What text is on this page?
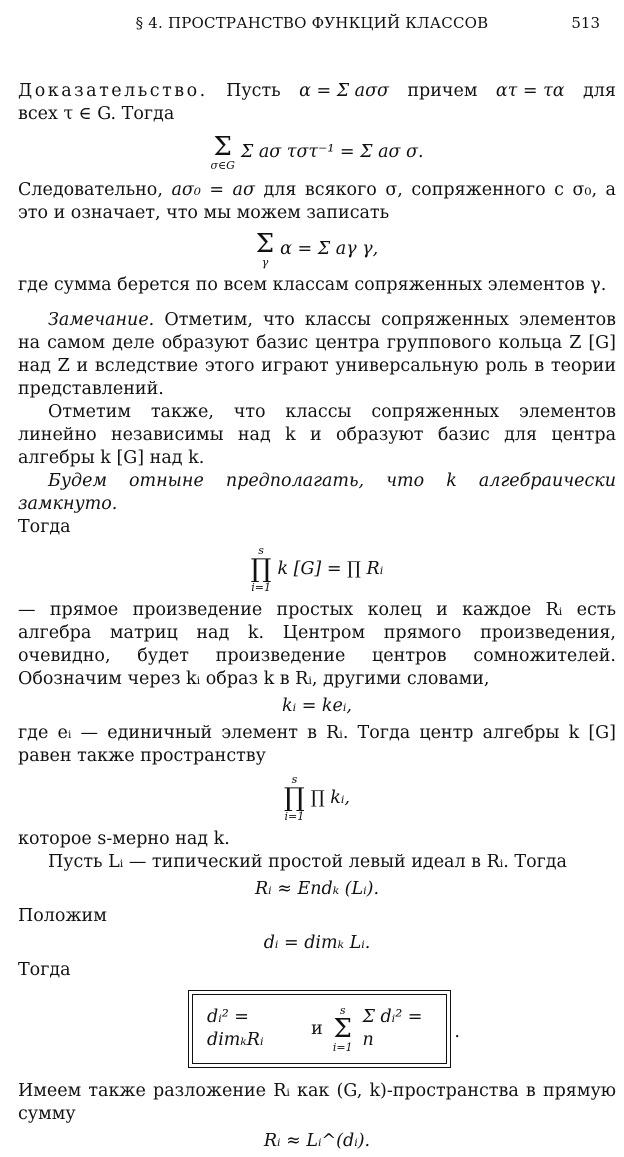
§ 4. ПРОСТРАНСТВО ФУНКЦИЙ КЛАССОВ	513

Доказательство. Пусть α = Σ aσσ причем ατ = τα для

всех τ ∈ G. Тогда

Σ
σ∈G
Σ aσ τστ⁻¹ = Σ aσ σ.

Следовательно, aσ₀ = aσ для всякого σ, сопряженного с σ₀, а это и означает, что мы можем записать

Σ
γ
α = Σ aγ γ,

где сумма берется по всем классам сопряженных элементов γ.

Замечание. Отметим, что классы сопряженных элементов на самом деле образуют базис центра группового кольца Z [G] над Z и вследствие этого играют универсальную роль в теории представлений.

Отметим также, что классы сопряженных элементов линейно независимы над k и образуют базис для центра алгебры k [G] над k.

Будем отныне предполагать, что k алгебраически замкнуто.

Тогда

s
∏
i=1
k [G] = ∏ Rᵢ

— прямое произведение простых колец и каждое Rᵢ есть алгебра матриц над k. Центром прямого произведения, очевидно, будет произведение центров сомножителей. Обозначим через kᵢ образ k в Rᵢ, другими словами,

kᵢ = keᵢ,

где eᵢ — единичный элемент в Rᵢ. Тогда центр алгебры k [G] равен также пространству

s
∏
i=1
∏ kᵢ,

которое s-мерно над k.

Пусть Lᵢ — типический простой левый идеал в Rᵢ. Тогда

Rᵢ ≈ Endₖ (Lᵢ).

Положим

dᵢ = dimₖ Lᵢ.

Тогда

dᵢ² = dimₖRᵢ
и
s
Σ
i=1
Σ dᵢ² = n	.

Имеем также разложение Rᵢ как (G, k)-пространства в прямую сумму

Rᵢ ≈ Lᵢ^(dᵢ).
